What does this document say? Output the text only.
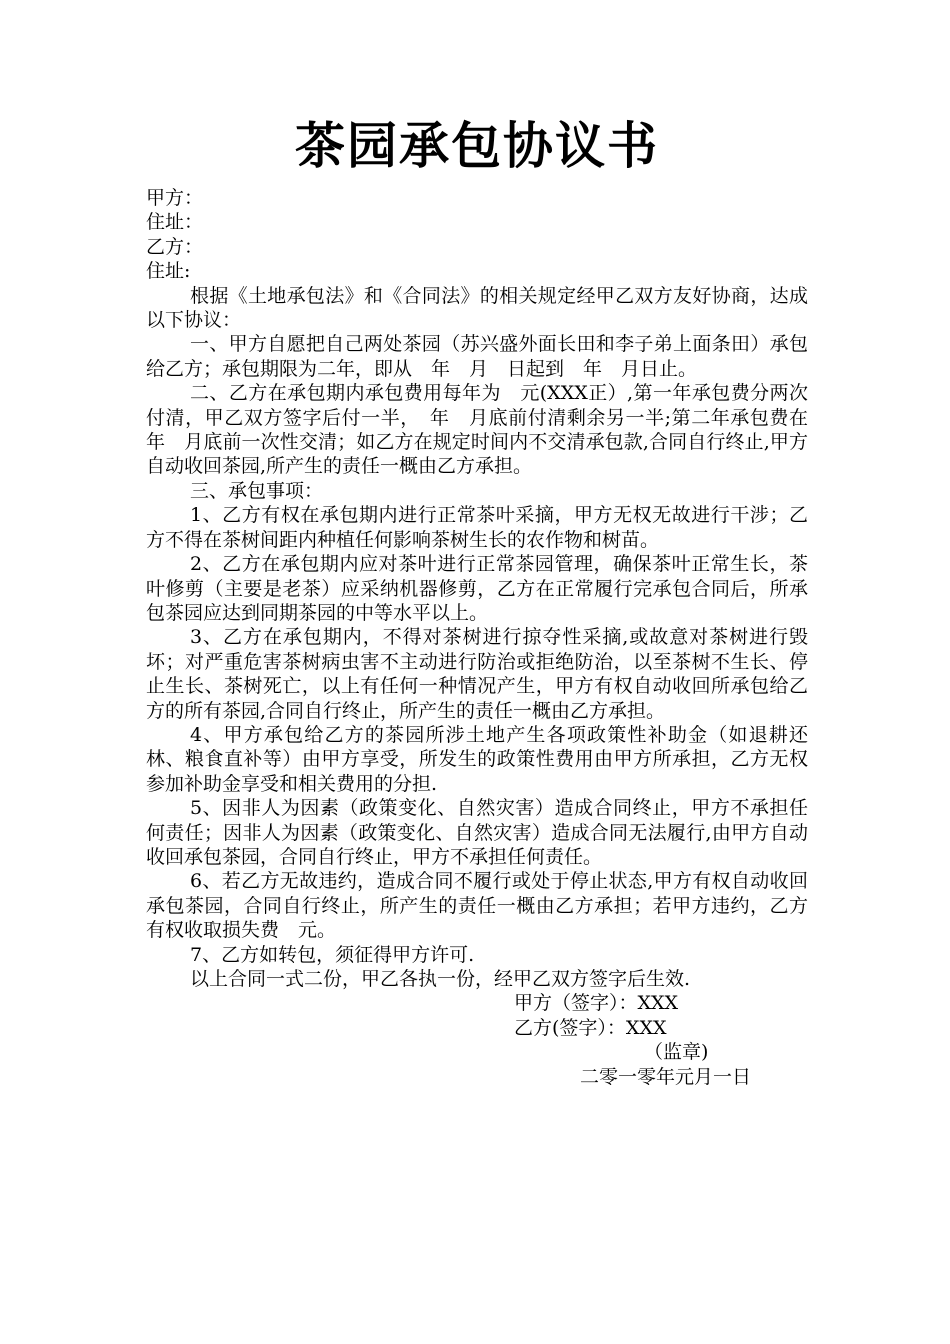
茶园承包协议书

甲方：

住址：

乙方：

住址:

根据《土地承包法》和《合同法》的相关规定经甲乙双方友好协商，达成以下协议：

一、甲方自愿把自己两处茶园（苏兴盛外面长田和李子弟上面条田）承包给乙方；承包期限为二年，即从　年　月　日起到　年　月日止。

二、乙方在承包期内承包费用每年为　元(XXX正）,第一年承包费分两次付清，甲乙双方签字后付一半，　年　月底前付清剩余另一半;第二年承包费在　年　月底前一次性交清；如乙方在规定时间内不交清承包款,合同自行终止,甲方自动收回茶园,所产生的责任一概由乙方承担。

三、承包事项：

1、乙方有权在承包期内进行正常茶叶采摘，甲方无权无故进行干涉；乙方不得在茶树间距内种植任何影响茶树生长的农作物和树苗。

2、乙方在承包期内应对茶叶进行正常茶园管理，确保茶叶正常生长，茶叶修剪（主要是老茶）应采纳机器修剪，乙方在正常履行完承包合同后，所承包茶园应达到同期茶园的中等水平以上。

3、乙方在承包期内，不得对茶树进行掠夺性采摘,或故意对茶树进行毁坏；对严重危害茶树病虫害不主动进行防治或拒绝防治，以至茶树不生长、停止生长、茶树死亡，以上有任何一种情况产生，甲方有权自动收回所承包给乙方的所有茶园,合同自行终止，所产生的责任一概由乙方承担。

4、甲方承包给乙方的茶园所涉土地产生各项政策性补助金（如退耕还林、粮食直补等）由甲方享受，所发生的政策性费用由甲方所承担，乙方无权参加补助金享受和相关费用的分担.

5、因非人为因素（政策变化、自然灾害）造成合同终止，甲方不承担任何责任；因非人为因素（政策变化、自然灾害）造成合同无法履行,由甲方自动收回承包茶园，合同自行终止，甲方不承担任何责任。

6、若乙方无故违约，造成合同不履行或处于停止状态,甲方有权自动收回承包茶园，合同自行终止，所产生的责任一概由乙方承担；若甲方违约，乙方有权收取损失费　元。

7、乙方如转包，须征得甲方许可.

以上合同一式二份，甲乙各执一份，经甲乙双方签字后生效.

甲方（签字）：XXX

乙方(签字）：XXX

（监章)

二零一零年元月一日
